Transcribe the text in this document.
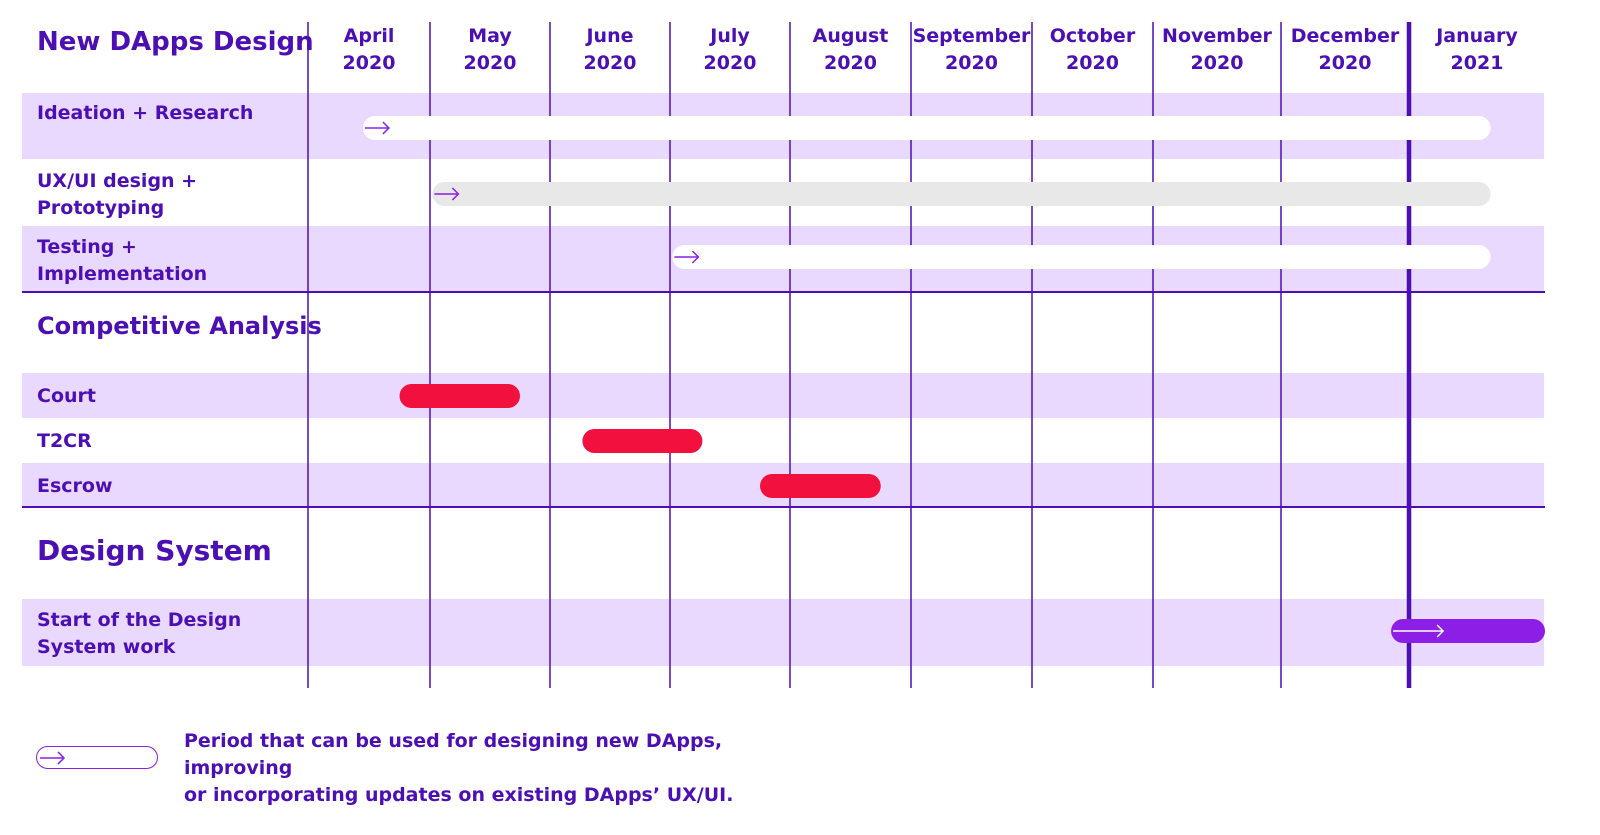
April
2020
May
2020
June
2020
July
2020
August
2020
September
2020
October
2020
November
2020
December
2020
January
2021
New DApps Design
Ideation + Research
UX/UI design +
Prototyping
Testing +
Implementation
Competitive Analysis
Court
T2CR
Escrow
Design System
Start of the Design
System work
Period that can be used for designing new DApps, improving
or incorporating updates on existing DApps’ UX/UI.
